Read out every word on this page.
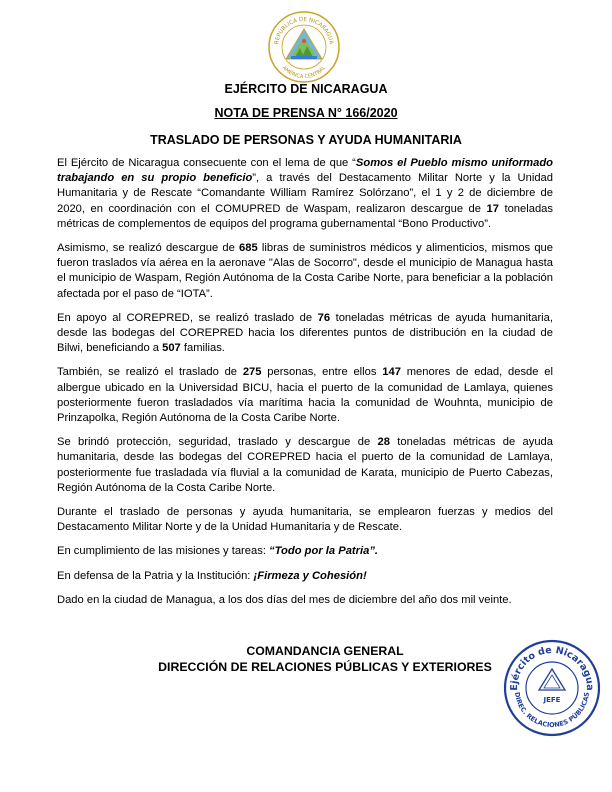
REPÚBLICA DE NICARAGUA
AMÉRICA CENTRAL
EJÉRCITO DE NICARAGUA
NOTA DE PRENSA N° 166/2020
TRASLADO DE PERSONAS Y AYUDA HUMANITARIA

El Ejército de Nicaragua consecuente con el lema de que “Somos el Pueblo mismo uniformado trabajando en su propio beneficio”, a través del Destacamento Militar Norte y la Unidad Humanitaria y de Rescate “Comandante William Ramírez Solórzano”, el 1 y 2 de diciembre de 2020, en coordinación con el COMUPRED de Waspam, realizaron descargue de 17 toneladas métricas de complementos de equipos del programa gubernamental “Bono Productivo”.

Asimismo, se realizó descargue de 685 libras de suministros médicos y alimenticios, mismos que fueron traslados vía aérea en la aeronave "Alas de Socorro", desde el municipio de Managua hasta el municipio de Waspam, Región Autónoma de la Costa Caribe Norte, para beneficiar a la población afectada por el paso de “IOTA”.

En apoyo al COREPRED, se realizó traslado de 76 toneladas métricas de ayuda humanitaria, desde las bodegas del COREPRED hacia los diferentes puntos de distribución en la ciudad de Bilwi, beneficiando a 507 familias.

También, se realizó el traslado de 275 personas, entre ellos 147 menores de edad, desde el albergue ubicado en la Universidad BICU, hacia el puerto de la comunidad de Lamlaya, quienes posteriormente fueron trasladados vía marítima hacia la comunidad de Wouhnta, municipio de Prinzapolka, Región Autónoma de la Costa Caribe Norte.

Se brindó protección, seguridad, traslado y descargue de 28 toneladas métricas de ayuda humanitaria, desde las bodegas del COREPRED hacia el puerto de la comunidad de Lamlaya, posteriormente fue trasladada vía fluvial a la comunidad de Karata, municipio de Puerto Cabezas, Región Autónoma de la Costa Caribe Norte.

Durante el traslado de personas y ayuda humanitaria, se emplearon fuerzas y medios del Destacamento Militar Norte y de la Unidad Humanitaria y de Rescate.

En cumplimiento de las misiones y tareas: “Todo por la Patria”.

En defensa de la Patria y la Institución: ¡Firmeza y Cohesión!

Dado en la ciudad de Managua, a los dos días del mes de diciembre del año dos mil veinte.

COMANDANCIA GENERAL
DIRECCIÓN DE RELACIONES PÚBLICAS Y EXTERIORES
Ejército de Nicaragua
DIREC. RELACIONES PÚBLICAS
JEFE
